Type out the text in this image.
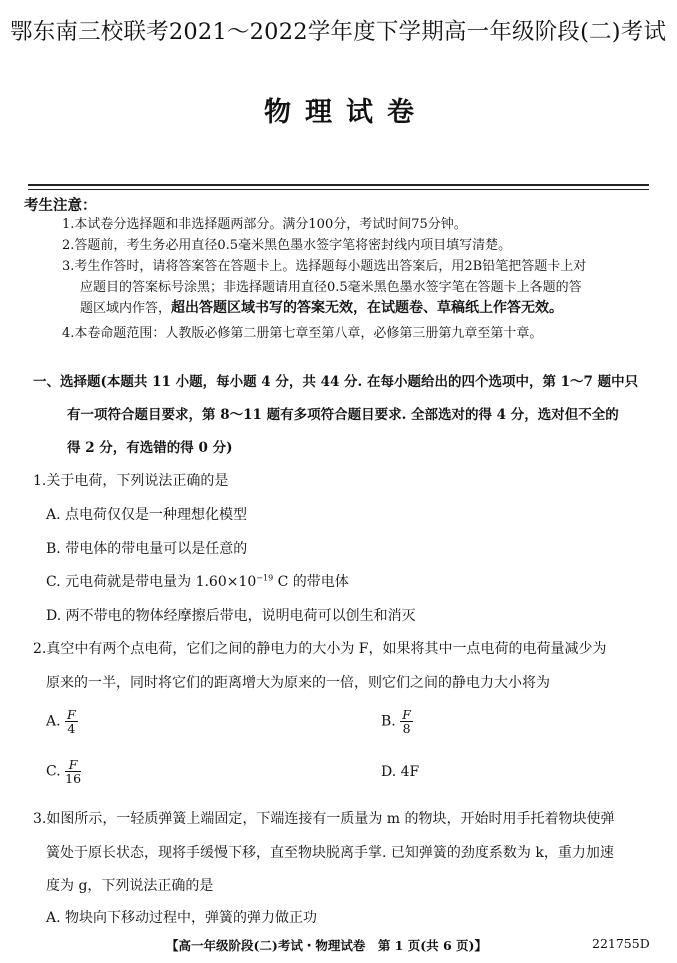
鄂东南三校联考2021～2022学年度下学期高一年级阶段(二)考试
物理试卷
考生注意：
1.本试卷分选择题和非选择题两部分。满分100分，考试时间75分钟。
2.答题前，考生务必用直径0.5毫米黑色墨水签字笔将密封线内项目填写清楚。
3.考生作答时，请将答案答在答题卡上。选择题每小题选出答案后，用2B铅笔把答题卡上对
应题目的答案标号涂黑；非选择题请用直径0.5毫米黑色墨水签字笔在答题卡上各题的答
题区域内作答，超出答题区域书写的答案无效，在试题卷、草稿纸上作答无效。
4.本卷命题范围：人教版必修第二册第七章至第八章，必修第三册第九章至第十章。
一、选择题(本题共 11 小题，每小题 4 分，共 44 分. 在每小题给出的四个选项中，第 1～7 题中只
有一项符合题目要求，第 8～11 题有多项符合题目要求. 全部选对的得 4 分，选对但不全的
得 2 分，有选错的得 0 分)
1.关于电荷，下列说法正确的是
A. 点电荷仅仅是一种理想化模型
B. 带电体的带电量可以是任意的
C. 元电荷就是带电量为 $1.60\times 10^{-19}$ C 的带电体
D. 两不带电的物体经摩擦后带电，说明电荷可以创生和消灭
2.真空中有两个点电荷，它们之间的静电力的大小为 F，如果将其中一点电荷的电荷量减少为
原来的一半，同时将它们的距离增大为原来的一倍，则它们之间的静电力大小将为
A. $\frac{F}{4}$	B. $\frac{F}{8}$
C. $\frac{F}{16}$	D. 4F
3.如图所示，一轻质弹簧上端固定，下端连接有一质量为 m 的物块，开始时用手托着物块使弹
簧处于原长状态，现将手缓慢下移，直至物块脱离手掌. 已知弹簧的劲度系数为 k，重力加速
度为 g，下列说法正确的是
A. 物块向下移动过程中，弹簧的弹力做正功
【高一年级阶段(二)考试・物理试卷　第 1 页(共 6 页)】	221755D
